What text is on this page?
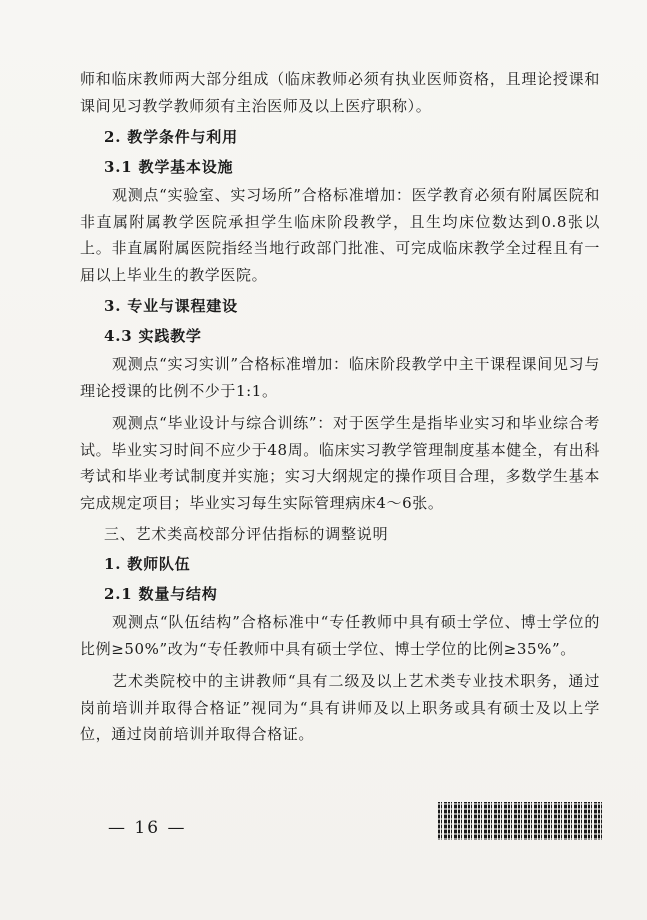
师和临床教师两大部分组成（临床教师必须有执业医师资格，且理论授课和课间见习教学教师须有主治医师及以上医疗职称）。

2. 教学条件与利用

3.1 教学基本设施

观测点“实验室、实习场所”合格标准增加：医学教育必须有附属医院和非直属附属教学医院承担学生临床阶段教学，且生均床位数达到0.8张以上。非直属附属医院指经当地行政部门批准、可完成临床教学全过程且有一届以上毕业生的教学医院。

3. 专业与课程建设

4.3 实践教学

观测点“实习实训”合格标准增加：临床阶段教学中主干课程课间见习与理论授课的比例不少于1:1。

观测点“毕业设计与综合训练”：对于医学生是指毕业实习和毕业综合考试。毕业实习时间不应少于48周。临床实习教学管理制度基本健全，有出科考试和毕业考试制度并实施；实习大纲规定的操作项目合理，多数学生基本完成规定项目；毕业实习每生实际管理病床4～6张。

三、艺术类高校部分评估指标的调整说明

1. 教师队伍

2.1 数量与结构

观测点“队伍结构”合格标准中“专任教师中具有硕士学位、博士学位的比例≥50%”改为“专任教师中具有硕士学位、博士学位的比例≥35%”。

艺术类院校中的主讲教师“具有二级及以上艺术类专业技术职务，通过岗前培训并取得合格证”视同为“具有讲师及以上职务或具有硕士及以上学位，通过岗前培训并取得合格证。

— 16 —
